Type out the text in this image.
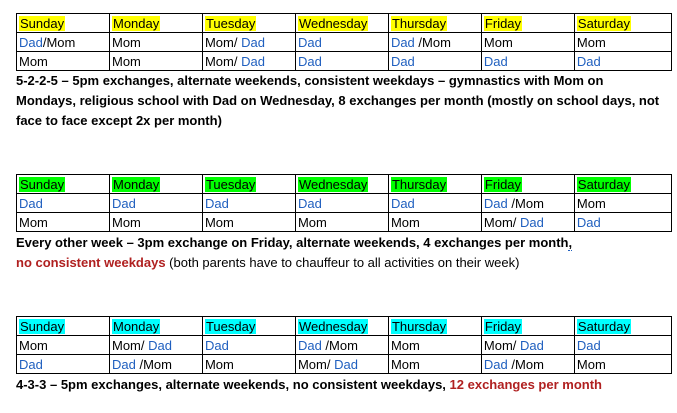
Sunday	Monday	Tuesday	Wednesday	Thursday	Friday	Saturday
Dad/Mom	Mom	Mom/ Dad	Dad	Dad /Mom	Mom	Mom
Mom	Mom	Mom/ Dad	Dad	Dad	Dad	Dad

5-2-2-5 – 5pm exchanges, alternate weekends, consistent weekdays – gymnastics with Mom on Mondays, religious school with Dad on Wednesday, 8 exchanges per month (mostly on school days, not face to face except 2x per month)

Sunday	Monday	Tuesday	Wednesday	Thursday	Friday	Saturday
Dad	Dad	Dad	Dad	Dad	Dad /Mom	Mom
Mom	Mom	Mom	Mom	Mom	Mom/ Dad	Dad

Every other week – 3pm exchange on Friday, alternate weekends, 4 exchanges per month,
no consistent weekdays (both parents have to chauffeur to all activities on their week)

Sunday	Monday	Tuesday	Wednesday	Thursday	Friday	Saturday
Mom	Mom/ Dad	Dad	Dad /Mom	Mom	Mom/ Dad	Dad
Dad	Dad /Mom	Mom	Mom/ Dad	Mom	Dad /Mom	Mom

4-3-3 – 5pm exchanges, alternate weekends, no consistent weekdays, 12 exchanges per month
